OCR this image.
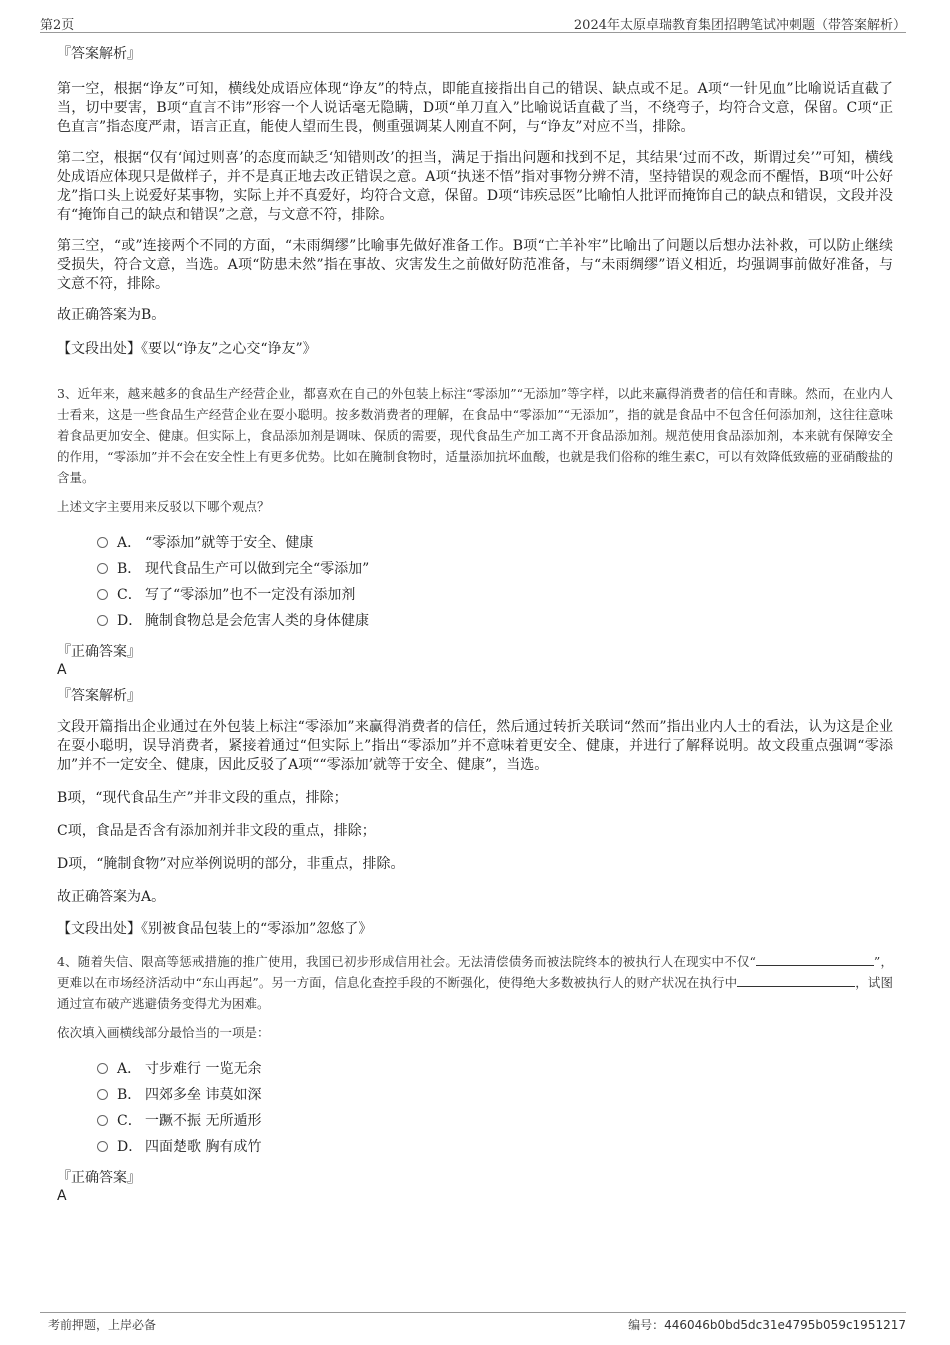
第2页	2024年太原卓瑞教育集团招聘笔试冲刺题（带答案解析）
『答案解析』

第一空，根据“诤友”可知，横线处成语应体现“诤友”的特点，即能直接指出自己的错误、缺点或不足。A项“一针见血”比喻说话直截了当，切中要害，B项“直言不讳”形容一个人说话毫无隐瞒，D项“单刀直入”比喻说话直截了当，不绕弯子，均符合文意，保留。C项“正色直言”指态度严肃，语言正直，能使人望而生畏，侧重强调某人刚直不阿，与“诤友”对应不当，排除。

第二空，根据“仅有‘闻过则喜’的态度而缺乏‘知错则改’的担当，满足于指出问题和找到不足，其结果‘过而不改，斯谓过矣’”可知，横线处成语应体现只是做样子，并不是真正地去改正错误之意。A项“执迷不悟”指对事物分辨不清，坚持错误的观念而不醒悟，B项“叶公好龙”指口头上说爱好某事物，实际上并不真爱好，均符合文意，保留。D项“讳疾忌医”比喻怕人批评而掩饰自己的缺点和错误，文段并没有“掩饰自己的缺点和错误”之意，与文意不符，排除。

第三空，“或”连接两个不同的方面，“未雨绸缪”比喻事先做好准备工作。B项“亡羊补牢”比喻出了问题以后想办法补救，可以防止继续受损失，符合文意，当选。A项“防患未然”指在事故、灾害发生之前做好防范准备，与“未雨绸缪”语义相近，均强调事前做好准备，与文意不符，排除。

故正确答案为B。

【文段出处】《要以“诤友”之心交“诤友”》

3、近年来，越来越多的食品生产经营企业，都喜欢在自己的外包装上标注“零添加”“无添加”等字样，以此来赢得消费者的信任和青睐。然而，在业内人士看来，这是一些食品生产经营企业在耍小聪明。按多数消费者的理解，在食品中“零添加”“无添加”，指的就是食品中不包含任何添加剂，这往往意味着食品更加安全、健康。但实际上，食品添加剂是调味、保质的需要，现代食品生产加工离不开食品添加剂。规范使用食品添加剂，本来就有保障安全的作用，“零添加”并不会在安全性上有更多优势。比如在腌制食物时，适量添加抗坏血酸，也就是我们俗称的维生素C，可以有效降低致癌的亚硝酸盐的含量。

上述文字主要用来反驳以下哪个观点？
A． “零添加”就等于安全、健康
B． 现代食品生产可以做到完全“零添加”
C． 写了“零添加”也不一定没有添加剂
D． 腌制食物总是会危害人类的身体健康
『正确答案』
A
『答案解析』

文段开篇指出企业通过在外包装上标注“零添加”来赢得消费者的信任，然后通过转折关联词“然而”指出业内人士的看法，认为这是企业在耍小聪明，误导消费者，紧接着通过“但实际上”指出“零添加”并不意味着更安全、健康，并进行了解释说明。故文段重点强调“零添加”并不一定安全、健康，因此反驳了A项““零添加’就等于安全、健康”，当选。

B项，“现代食品生产”并非文段的重点，排除；

C项，食品是否含有添加剂并非文段的重点，排除；

D项，“腌制食物”对应举例说明的部分，非重点，排除。

故正确答案为A。

【文段出处】《别被食品包装上的“零添加”忽悠了》

4、随着失信、限高等惩戒措施的推广使用，我国已初步形成信用社会。无法清偿债务而被法院终本的被执行人在现实中不仅“	”，更难以在市场经济活动中“东山再起”。另一方面，信息化查控手段的不断强化，使得绝大多数被执行人的财产状况在执行中	，试图通过宣布破产逃避债务变得尤为困难。

依次填入画横线部分最恰当的一项是：
A． 寸步难行 一览无余
B． 四郊多垒 讳莫如深
C． 一蹶不振 无所遁形
D． 四面楚歌 胸有成竹
『正确答案』
A
考前押题，上岸必备	编号：446046b0bd5dc31e4795b059c1951217
